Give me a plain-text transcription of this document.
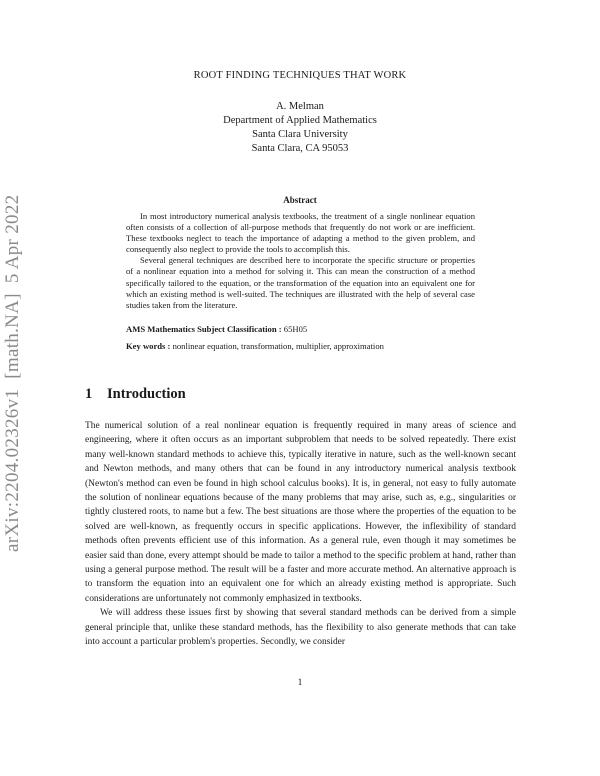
ROOT FINDING TECHNIQUES THAT WORK
A. Melman
Department of Applied Mathematics
Santa Clara University
Santa Clara, CA 95053
arXiv:2204.02326v1  [math.NA]  5 Apr 2022	Abstract

In most introductory numerical analysis textbooks, the treatment of a single nonlinear equation often consists of a collection of all-purpose methods that frequently do not work or are inefficient. These textbooks neglect to teach the importance of adapting a method to the given problem, and consequently also neglect to provide the tools to accomplish this.

Several general techniques are described here to incorporate the specific structure or properties of a nonlinear equation into a method for solving it. This can mean the construction of a method specifically tailored to the equation, or the transformation of the equation into an equivalent one for which an existing method is well-suited. The techniques are illustrated with the help of several case studies taken from the literature.

AMS Mathematics Subject Classification : 65H05
Key words : nonlinear equation, transformation, multiplier, approximation
1 Introduction

The numerical solution of a real nonlinear equation is frequently required in many areas of science and engineering, where it often occurs as an important subproblem that needs to be solved repeatedly. There exist many well-known standard methods to achieve this, typically iterative in nature, such as the well-known secant and Newton methods, and many others that can be found in any introductory numerical analysis textbook (Newton's method can even be found in high school calculus books). It is, in general, not easy to fully automate the solution of nonlinear equations because of the many problems that may arise, such as, e.g., singularities or tightly clustered roots, to name but a few. The best situations are those where the properties of the equation to be solved are well-known, as frequently occurs in specific applications. However, the inflexibility of standard methods often prevents efficient use of this information. As a general rule, even though it may sometimes be easier said than done, every attempt should be made to tailor a method to the specific problem at hand, rather than using a general purpose method. The result will be a faster and more accurate method. An alternative approach is to transform the equation into an equivalent one for which an already existing method is appropriate. Such considerations are unfortunately not commonly emphasized in textbooks.

We will address these issues first by showing that several standard methods can be derived from a simple general principle that, unlike these standard methods, has the flexibility to also generate methods that can take into account a particular problem's properties. Secondly, we consider

1
